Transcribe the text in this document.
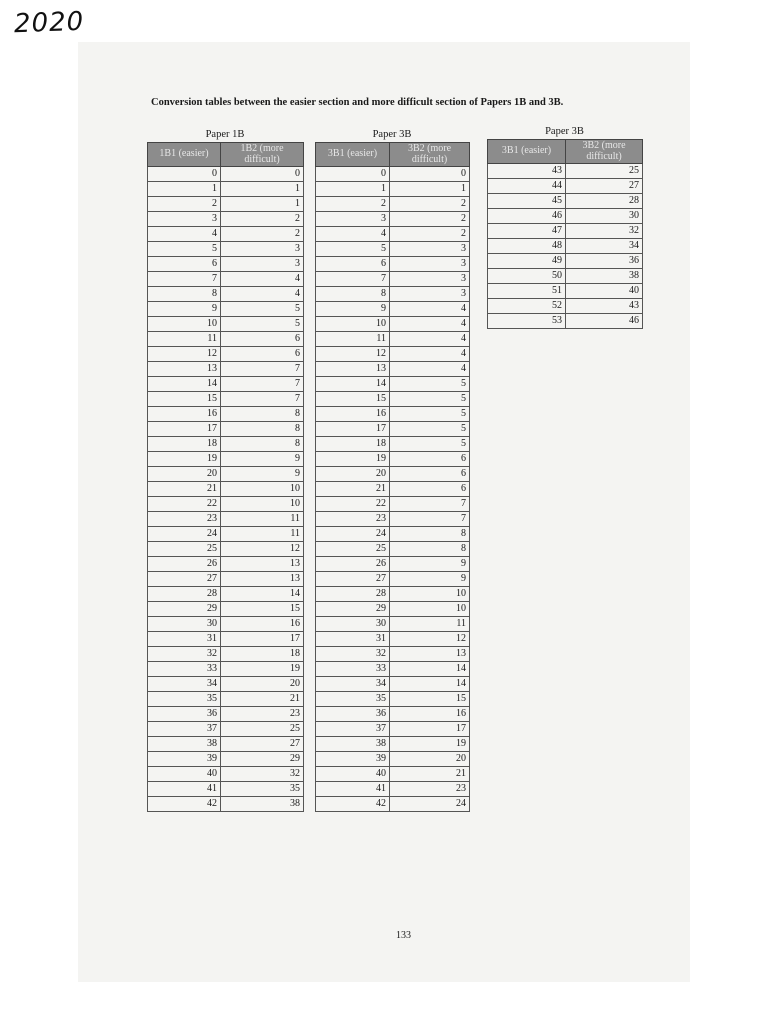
2020
Conversion tables between the easier section and more difficult section of Papers 1B and 3B.
Paper 1B
1B1 (easier)	1B2 (more difficult)
0	0
1	1
2	1
3	2
4	2
5	3
6	3
7	4
8	4
9	5
10	5
11	6
12	6
13	7
14	7
15	7
16	8
17	8
18	8
19	9
20	9
21	10
22	10
23	11
24	11
25	12
26	13
27	13
28	14
29	15
30	16
31	17
32	18
33	19
34	20
35	21
36	23
37	25
38	27
39	29
40	32
41	35
42	38
Paper 3B
3B1 (easier)	3B2 (more difficult)
0	0
1	1
2	2
3	2
4	2
5	3
6	3
7	3
8	3
9	4
10	4
11	4
12	4
13	4
14	5
15	5
16	5
17	5
18	5
19	6
20	6
21	6
22	7
23	7
24	8
25	8
26	9
27	9
28	10
29	10
30	11
31	12
32	13
33	14
34	14
35	15
36	16
37	17
38	19
39	20
40	21
41	23
42	24
Paper 3B
3B1 (easier)	3B2 (more difficult)
43	25
44	27
45	28
46	30
47	32
48	34
49	36
50	38
51	40
52	43
53	46
133
